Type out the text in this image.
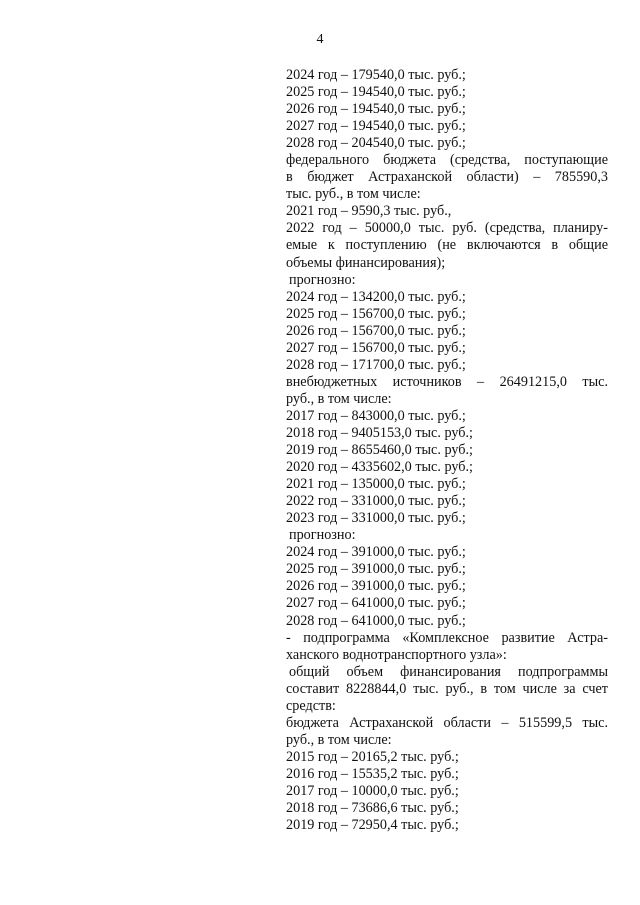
4
2024 год – 179540,0 тыс. руб.;
2025 год – 194540,0 тыс. руб.;
2026 год – 194540,0 тыс. руб.;
2027 год – 194540,0 тыс. руб.;
2028 год – 204540,0 тыс. руб.;
федерального бюджета (средства, поступающие
в бюджет Астраханской области) – 785590,3
тыс. руб., в том числе:
2021 год – 9590,3 тыс. руб.,
2022 год – 50000,0 тыс. руб. (средства, планиру-
емые к поступлению (не включаются в общие
объемы финансирования);
прогнозно:
2024 год – 134200,0 тыс. руб.;
2025 год – 156700,0 тыс. руб.;
2026 год – 156700,0 тыс. руб.;
2027 год – 156700,0 тыс. руб.;
2028 год – 171700,0 тыс. руб.;
внебюджетных источников – 26491215,0 тыс.
руб., в том числе:
2017 год – 843000,0 тыс. руб.;
2018 год – 9405153,0 тыс. руб.;
2019 год – 8655460,0 тыс. руб.;
2020 год – 4335602,0 тыс. руб.;
2021 год – 135000,0 тыс. руб.;
2022 год – 331000,0 тыс. руб.;
2023 год – 331000,0 тыс. руб.;
прогнозно:
2024 год – 391000,0 тыс. руб.;
2025 год – 391000,0 тыс. руб.;
2026 год – 391000,0 тыс. руб.;
2027 год – 641000,0 тыс. руб.;
2028 год – 641000,0 тыс. руб.;
- подпрограмма «Комплексное развитие Астра-
ханского воднотранспортного узла»:
общий объем финансирования подпрограммы
составит 8228844,0 тыс. руб., в том числе за счет
средств:
бюджета Астраханской области – 515599,5 тыс.
руб., в том числе:
2015 год – 20165,2 тыс. руб.;
2016 год – 15535,2 тыс. руб.;
2017 год – 10000,0 тыс. руб.;
2018 год – 73686,6 тыс. руб.;
2019 год – 72950,4 тыс. руб.;
